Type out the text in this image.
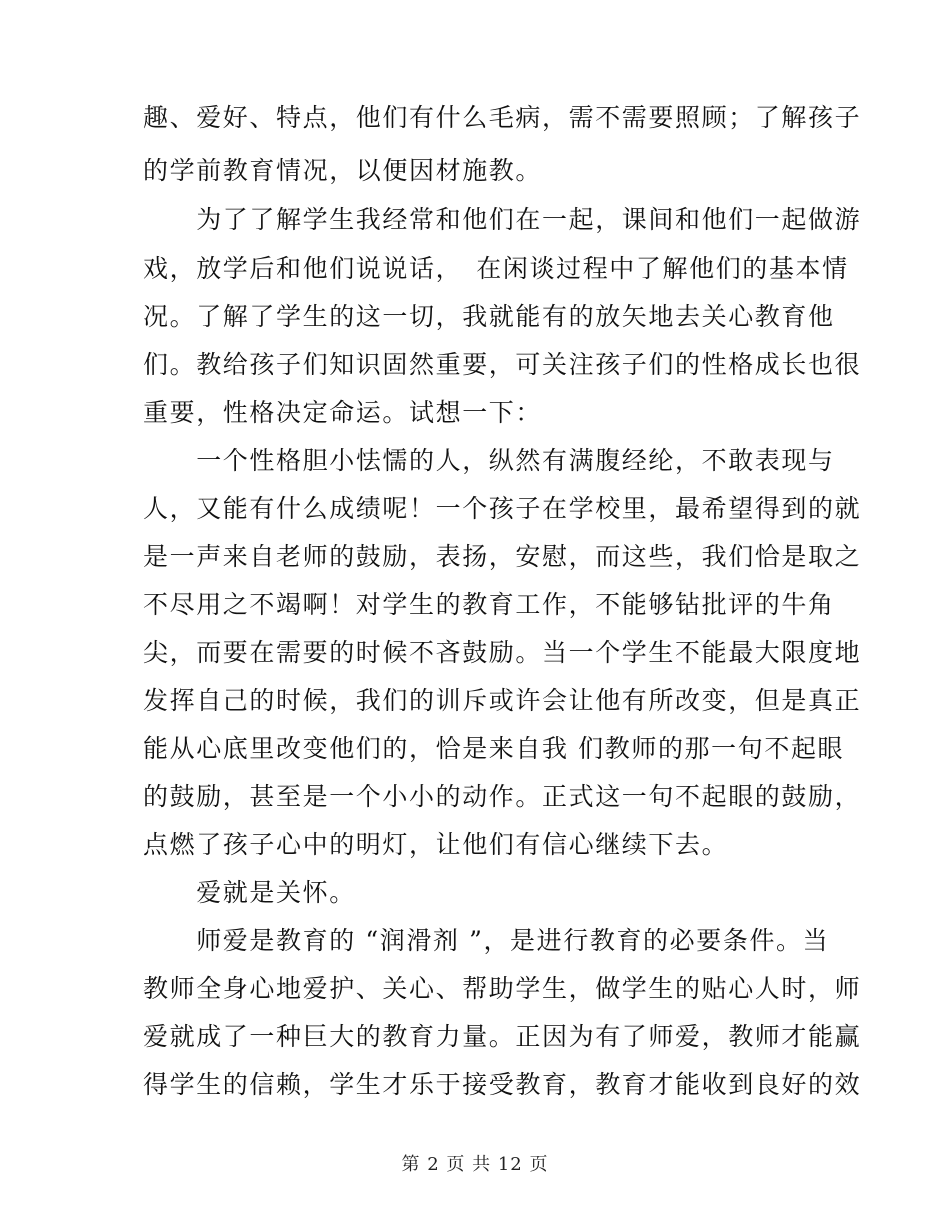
趣、爱好、特点，他们有什么毛病，需不需要照顾；了解孩子
的学前教育情况，以便因材施教。
　　为了了解学生我经常和他们在一起，课间和他们一起做游
戏，放学后和他们说说话，　在闲谈过程中了解他们的基本情
况。了解了学生的这一切，我就能有的放矢地去关心教育他
们。教给孩子们知识固然重要，可关注孩子们的性格成长也很
重要，性格决定命运。试想一下：
　　一个性格胆小怯懦的人，纵然有满腹经纶，不敢表现与
人，又能有什么成绩呢！一个孩子在学校里，最希望得到的就
是一声来自老师的鼓励，表扬，安慰，而这些，我们恰是取之
不尽用之不竭啊！对学生的教育工作，不能够钻批评的牛角
尖，而要在需要的时候不吝鼓励。当一个学生不能最大限度地
发挥自己的时候，我们的训斥或许会让他有所改变，但是真正
能从心底里改变他们的，恰是来自我 们教师的那一句不起眼
的鼓励，甚至是一个小小的动作。正式这一句不起眼的鼓励，
点燃了孩子心中的明灯，让他们有信心继续下去。
　　爱就是关怀。
　　师爱是教育的 “润滑剂 ”，是进行教育的必要条件。当
教师全身心地爱护、关心、帮助学生，做学生的贴心人时，师
爱就成了一种巨大的教育力量。正因为有了师爱，教师才能赢
得学生的信赖，学生才乐于接受教育，教育才能收到良好的效
第 2 页 共 12 页
